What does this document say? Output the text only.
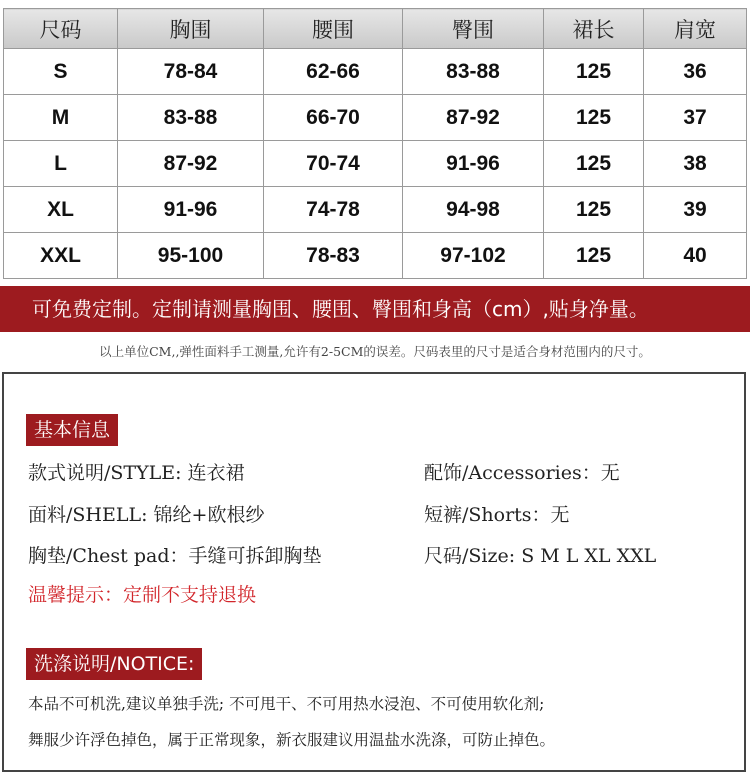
尺码	胸围	腰围	臀围	裙长	肩宽
S	78-84	62-66	83-88	125	36
M	83-88	66-70	87-92	125	37
L	87-92	70-74	91-96	125	38
XL	91-96	74-78	94-98	125	39
XXL	95-100	78-83	97-102	125	40
可免费定制。定制请测量胸围、腰围、臀围和身高（cm）,贴身净量。
以上单位CM,,弹性面料手工测量,允许有2-5CM的误差。尺码表里的尺寸是适合身材范围内的尺寸。
基本信息
款式说明/STYLE: 连衣裙	配饰/Accessories：无
面料/SHELL: 锦纶+欧根纱	短裤/Shorts：无
胸垫/Chest pad：手缝可拆卸胸垫	尺码/Size: S M L XL XXL
温馨提示：定制不支持退换
洗涤说明/NOTICE:
本品不可机洗,建议单独手洗; 不可甩干、不可用热水浸泡、不可使用软化剂;
舞服少许浮色掉色，属于正常现象，新衣服建议用温盐水洗涤，可防止掉色。
